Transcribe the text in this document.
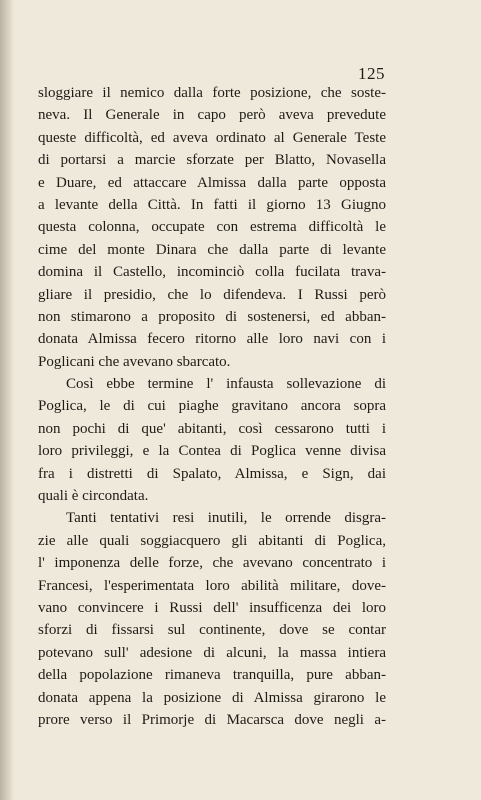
125
sloggiare il nemico dalla forte posizione, che soste-
neva. Il Generale in capo però aveva prevedute
queste difficoltà, ed aveva ordinato al Generale Teste
di portarsi a marcie sforzate per Blatto, Novasella
e Duare, ed attaccare Almissa dalla parte opposta
a levante della Città. In fatti il giorno 13 Giugno
questa colonna, occupate con estrema difficoltà le
cime del monte Dinara che dalla parte di levante
domina il Castello, incominciò colla fucilata trava-
gliare il presidio, che lo difendeva. I Russi però
non stimarono a proposito di sostenersi, ed abban-
donata Almissa fecero ritorno alle loro navi con i
Poglicani che avevano sbarcato.
Così ebbe termine l' infausta sollevazione di
Poglica, le di cui piaghe gravitano ancora sopra
non pochi di que' abitanti, così cessarono tutti i
loro privileggi, e la Contea di Poglica venne divisa
fra i distretti di Spalato, Almissa, e Sign, dai
quali è circondata.
Tanti tentativi resi inutili, le orrende disgra-
zie alle quali soggiacquero gli abitanti di Poglica,
l' imponenza delle forze, che avevano concentrato i
Francesi, l'esperimentata loro abilità militare, dove-
vano convincere i Russi dell' insufficenza dei loro
sforzi di fissarsi sul continente, dove se contar
potevano sull' adesione di alcuni, la massa intiera
della popolazione rimaneva tranquilla, pure abban-
donata appena la posizione di Almissa girarono le
prore verso il Primorje di Macarsca dove negli a-
